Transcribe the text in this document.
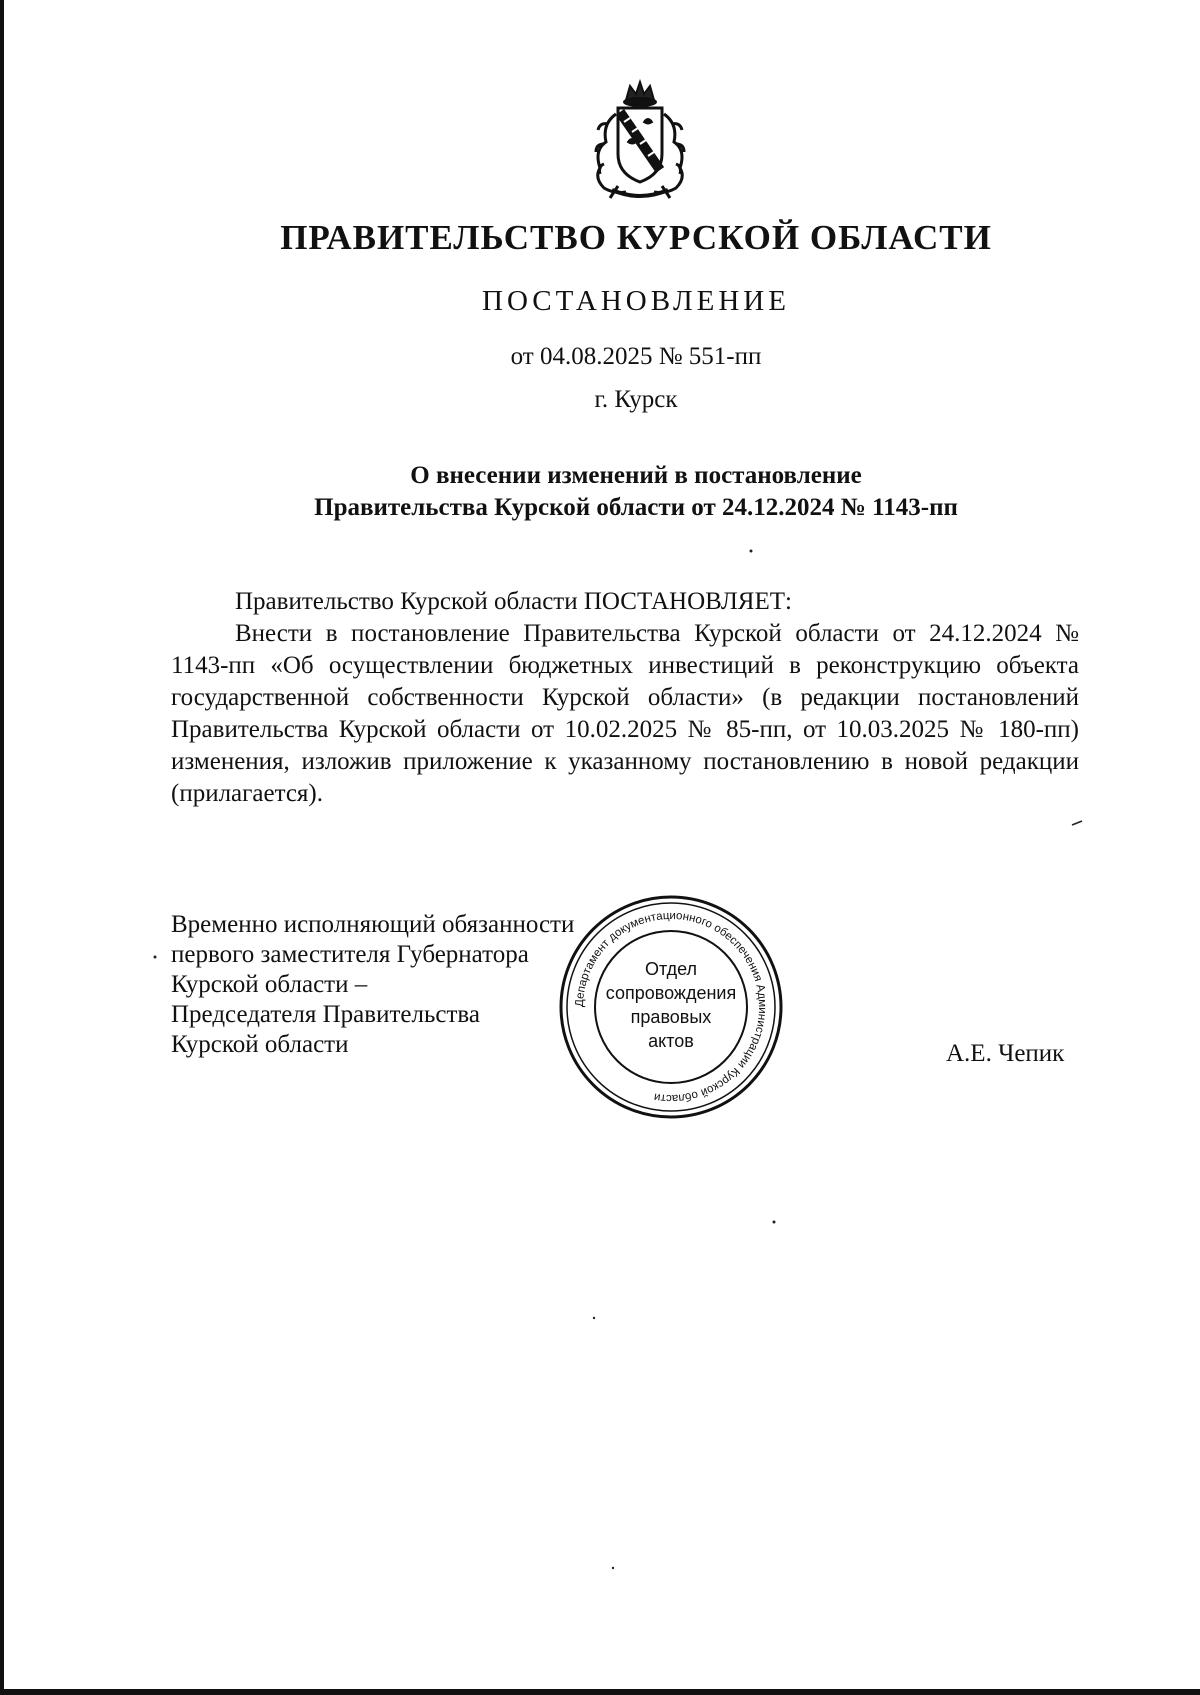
ПРАВИТЕЛЬСТВО КУРСКОЙ ОБЛАСТИ
ПОСТАНОВЛЕНИЕ
от 04.08.2025 № 551-пп
г. Курск
О внесении изменений в постановление
Правительства Курской области от 24.12.2024 № 1143-пп
Правительство Курской области ПОСТАНОВЛЯЕТ:

Внести в постановление Правительства Курской области от 24.12.2024 № 1143-пп «Об осуществлении бюджетных инвестиций в реконструкцию объекта государственной собственности Курской области» (в редакции постановлений Правительства Курской области от 10.02.2025 № 85-пп, от 10.03.2025 № 180-пп) изменения, изложив приложение к указанному постановлению в новой редакции (прилагается).

Департамент документационного обеспечения Администрации Курской области
Отдел
сопровождения
правовых
актов
Временно исполняющий обязанности
первого заместителя Губернатора
Курской области –
Председателя Правительства
Курской области	А.Е. Чепик
